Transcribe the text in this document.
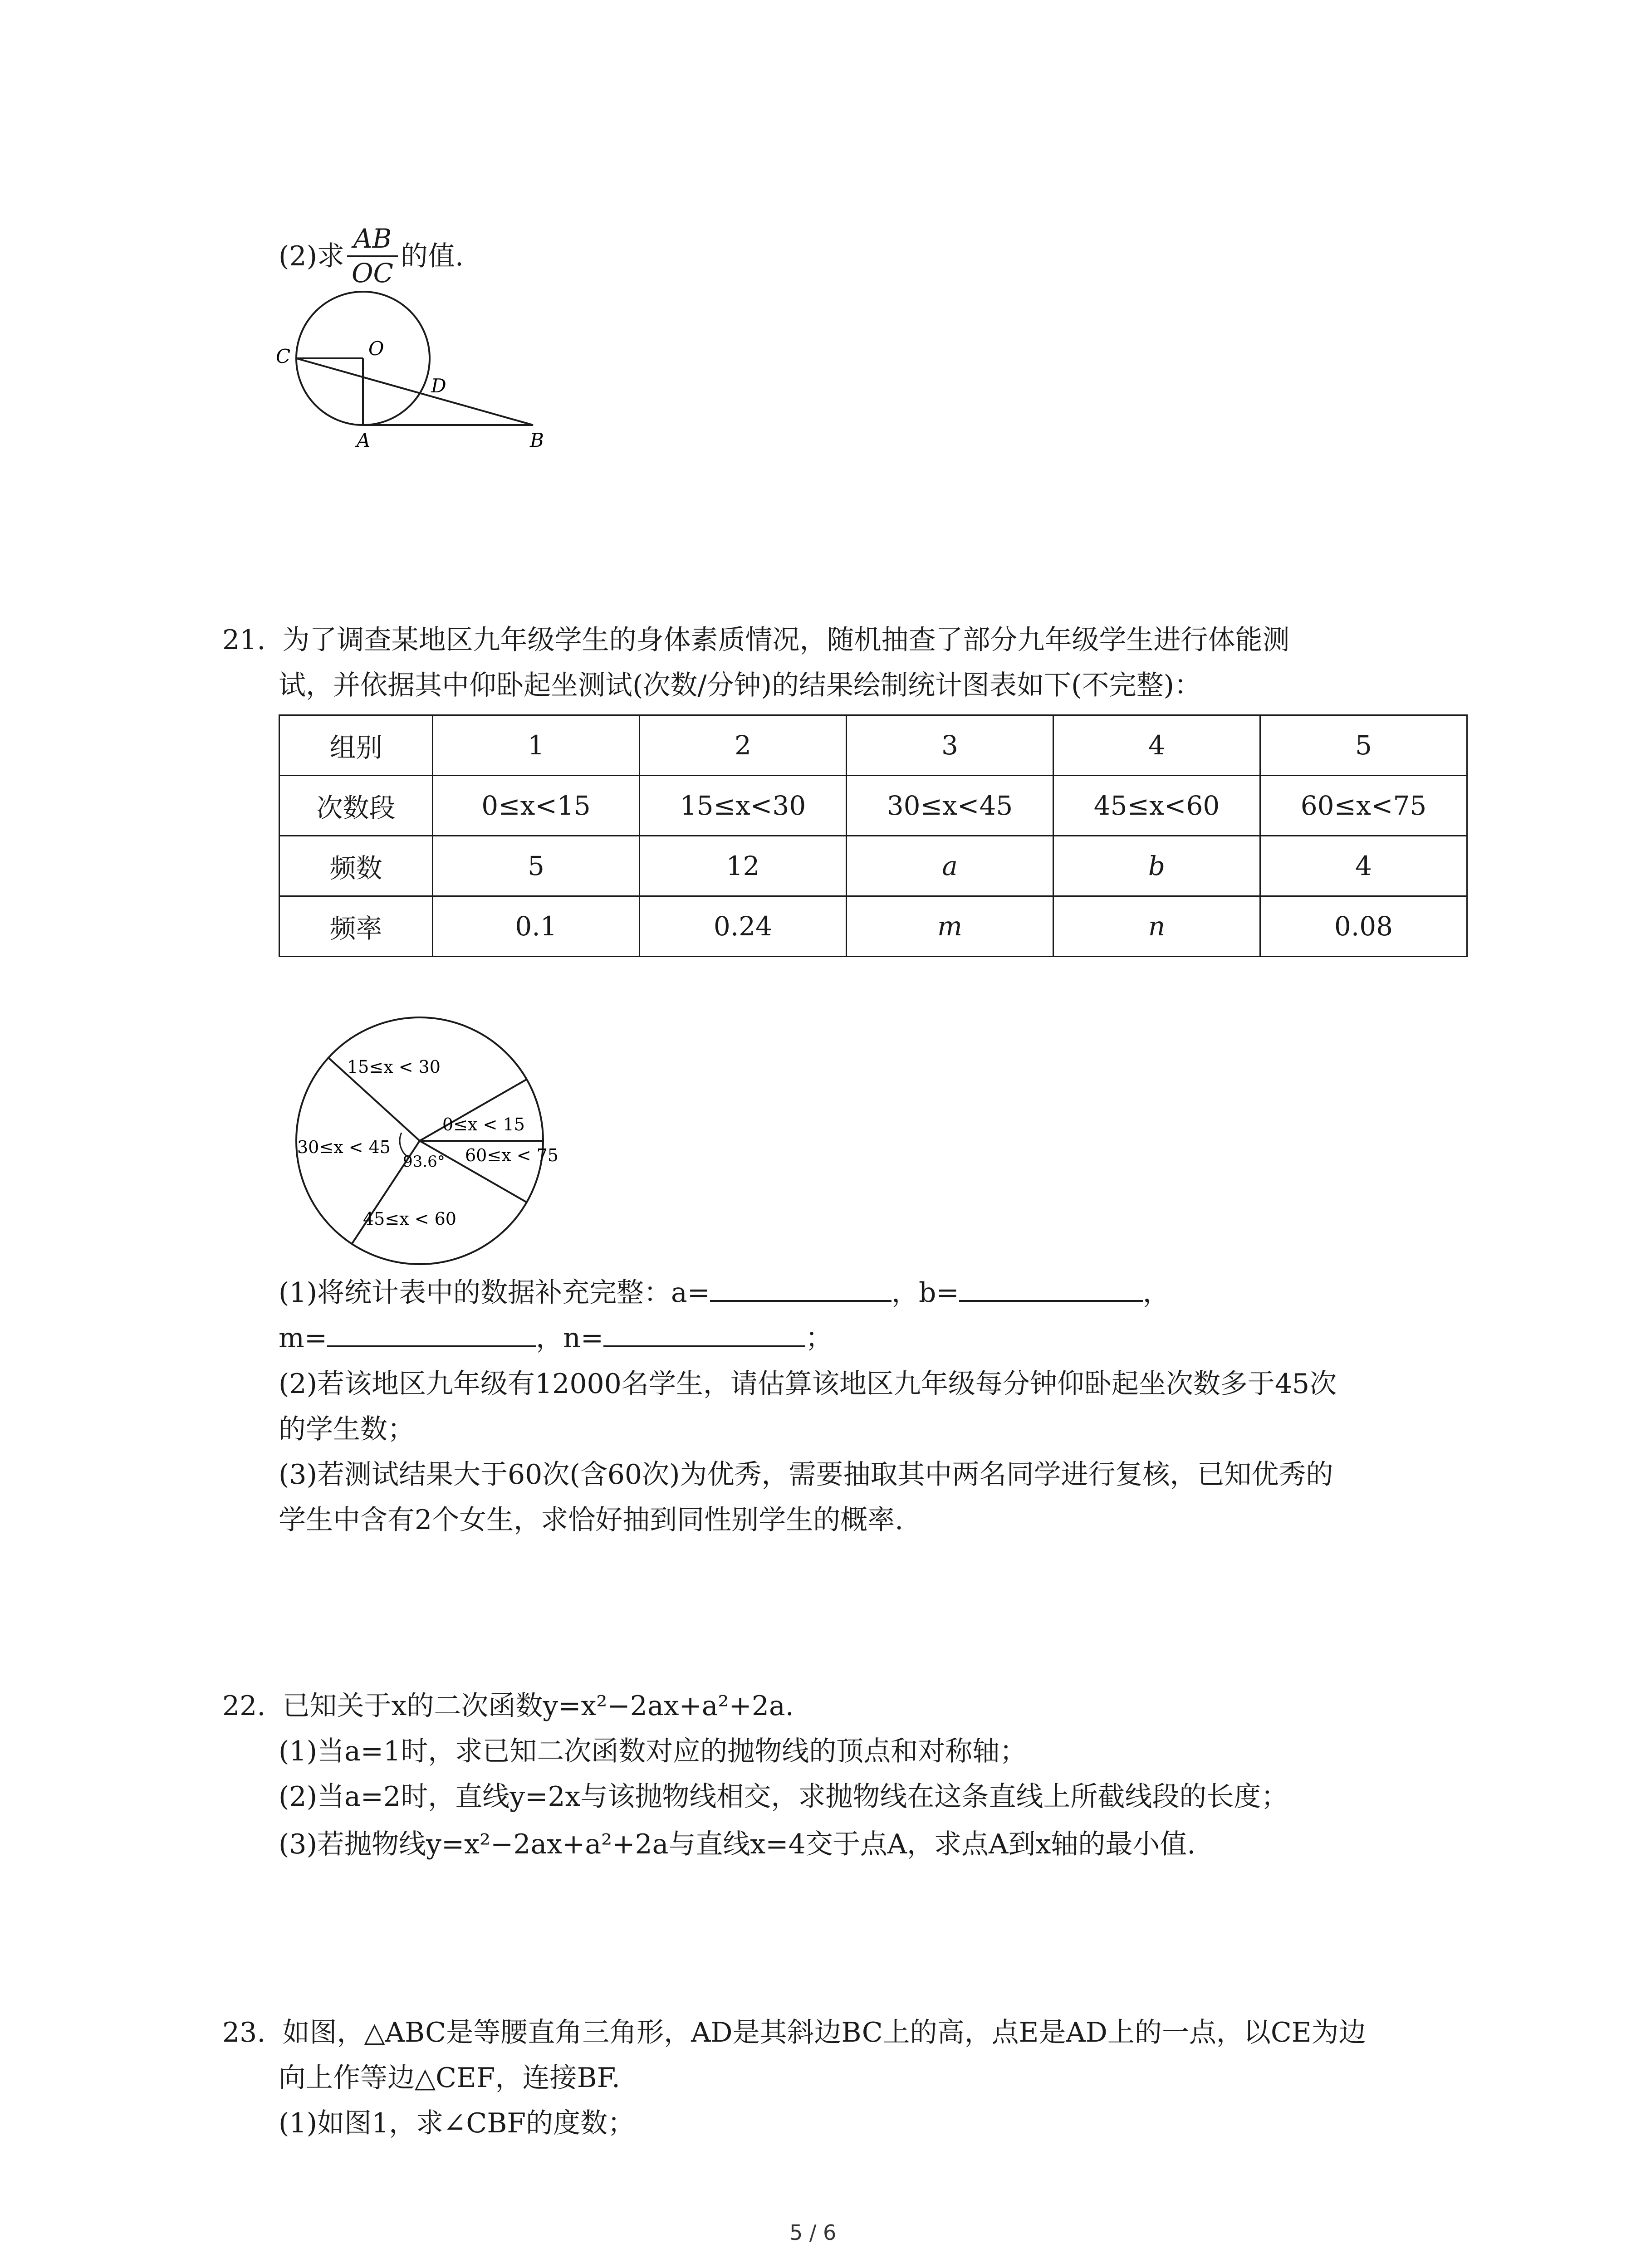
(2)求 $\frac{AB}{OC}$ 的值.
C	O
D
A	B
21. 为了调查某地区九年级学生的身体素质情况，随机抽查了部分九年级学生进行体能测
试，并依据其中仰卧起坐测试(次数/分钟)的结果绘制统计图表如下(不完整)：
组别	1	2	3	4	5
次数段	0≤x<15	15≤x<30	30≤x<45	45≤x<60	60≤x<75
频数	5	12	a	b	4
频率	0.1	0.24	m	n	0.08
15≤x < 30
0≤x < 15
30≤x < 45	60≤x < 75
45≤x < 60
93.6°
(1)将统计表中的数据补充完整：a=	，b=	，
m=	，n=	；
(2)若该地区九年级有12000名学生，请估算该地区九年级每分钟仰卧起坐次数多于45次
的学生数；
(3)若测试结果大于60次(含60次)为优秀，需要抽取其中两名同学进行复核，已知优秀的
学生中含有2个女生，求恰好抽到同性别学生的概率.
22. 已知关于x的二次函数y=x²−2ax+a²+2a.
(1)当a=1时，求已知二次函数对应的抛物线的顶点和对称轴；
(2)当a=2时，直线y=2x与该抛物线相交，求抛物线在这条直线上所截线段的长度；
(3)若抛物线y=x²−2ax+a²+2a与直线x=4交于点A，求点A到x轴的最小值.
23. 如图，△ABC是等腰直角三角形，AD是其斜边BC上的高，点E是AD上的一点，以CE为边
向上作等边△CEF，连接BF.
(1)如图1，求∠CBF的度数；
5 / 6
